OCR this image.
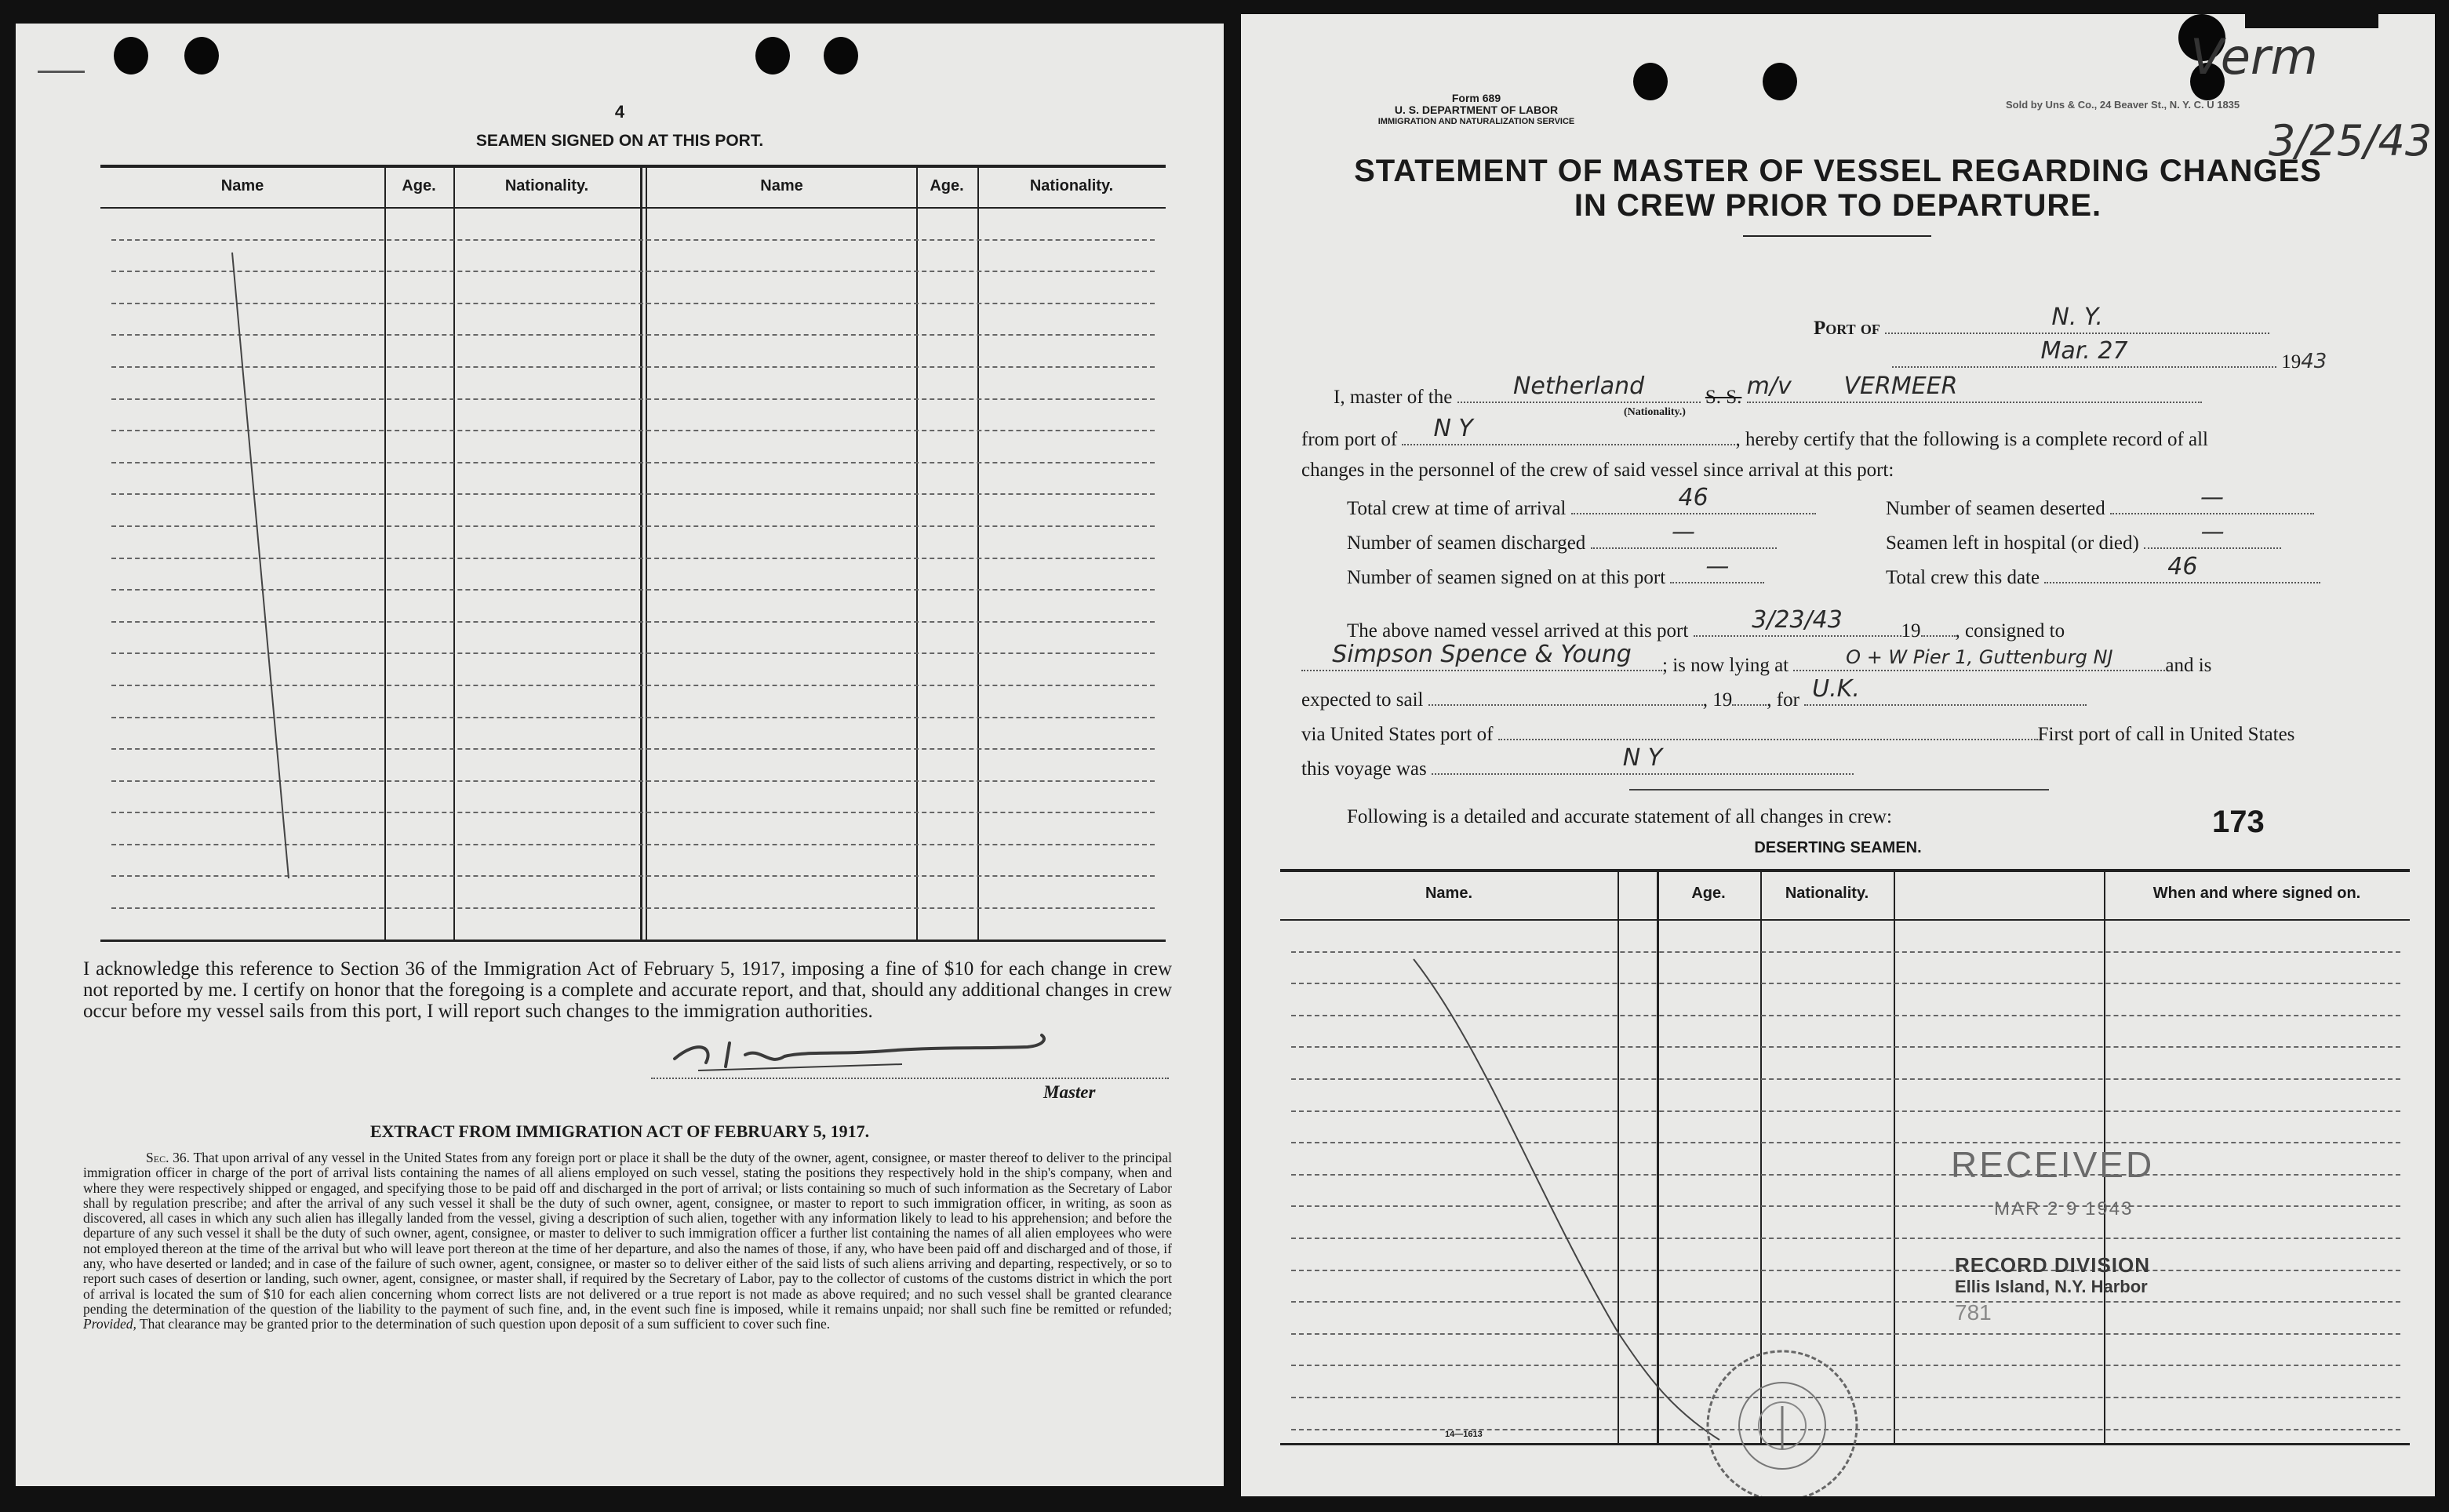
4
SEAMEN SIGNED ON AT THIS PORT.
Name	Age.	Nationality.	Name	Age.	Nationality.
I acknowledge this reference to Section 36 of the Immigration Act of February 5, 1917, imposing a fine of $10 for each change in crew not reported by me. I certify on honor that the foregoing is a complete and accurate report, and that, should any additional changes in crew occur before my vessel sails from this port, I will report such changes to the immigration authorities.
Master
EXTRACT FROM IMMIGRATION ACT OF FEBRUARY 5, 1917.
Sec. 36. That upon arrival of any vessel in the United States from any foreign port or place it shall be the duty of the owner, agent, consignee, or master thereof to deliver to the principal immigration officer in charge of the port of arrival lists containing the names of all aliens employed on such vessel, stating the positions they respectively hold in the ship's company, when and where they were respectively shipped or engaged, and specifying those to be paid off and discharged in the port of arrival; or lists containing so much of such information as the Secretary of Labor shall by regulation prescribe; and after the arrival of any such vessel it shall be the duty of such owner, agent, consignee, or master to report to such immigration officer, in writing, as soon as discovered, all cases in which any such alien has illegally landed from the vessel, giving a description of such alien, together with any information likely to lead to his apprehension; and before the departure of any such vessel it shall be the duty of such owner, agent, consignee, or master to deliver to such immigration officer a further list containing the names of all alien employees who were not employed thereon at the time of the arrival but who will leave port thereon at the time of her departure, and also the names of those, if any, who have been paid off and discharged and of those, if any, who have deserted or landed; and in case of the failure of such owner, agent, consignee, or master so to deliver either of the said lists of such aliens arriving and departing, respectively, or so to report such cases of desertion or landing, such owner, agent, consignee, or master shall, if required by the Secretary of Labor, pay to the collector of customs of the customs district in which the port of arrival is located the sum of $10 for each alien concerning whom correct lists are not delivered or a true report is not made as above required; and no such vessel shall be granted clearance pending the determination of the question of the liability to the payment of such fine, and, in the event such fine is imposed, while it remains unpaid; nor shall such fine be remitted or refunded; Provided, That clearance may be granted prior to the determination of such question upon deposit of a sum sufficient to cover such fine.
Form 689
U. S. DEPARTMENT OF LABOR
IMMIGRATION AND NATURALIZATION SERVICE
Sold by Uns & Co., 24 Beaver St., N. Y. C. U 1835
Verm
3/25/43
STATEMENT OF MASTER OF VESSEL REGARDING CHANGES
IN CREW PRIOR TO DEPARTURE.
Port of	N. Y.
Mar. 27	1943
I, master of the	Netherland	S. S. m/v VERMEER
(Nationality.)
from port of	N Y	, hereby certify that the following is a complete record of all
changes in the personnel of the crew of said vessel since arrival at this port:
Total crew at time of arrival	46	Number of seamen deserted	—
Number of seamen discharged	—	Seamen left in hospital (or died)	—
Number of seamen signed on at this port	—	Total crew this date	46
The above named vessel arrived at this port	3/23/43	19 , consigned to
Simpson Spence & Young	; is now lying at	O + W Pier 1, Guttenburg NJ	and is
expected to sail	, 19 , for U.K.
via United States port of	First port of call in United States
this voyage was	N Y
Following is a detailed and accurate statement of all changes in crew:	173
DESERTING SEAMEN.
Name.	Age.	Nationality.	When and where signed on.
RECEIVED
MAR 2 9 1943
RECORD DIVISION
Ellis Island, N.Y. Harbor
781
14—1613
